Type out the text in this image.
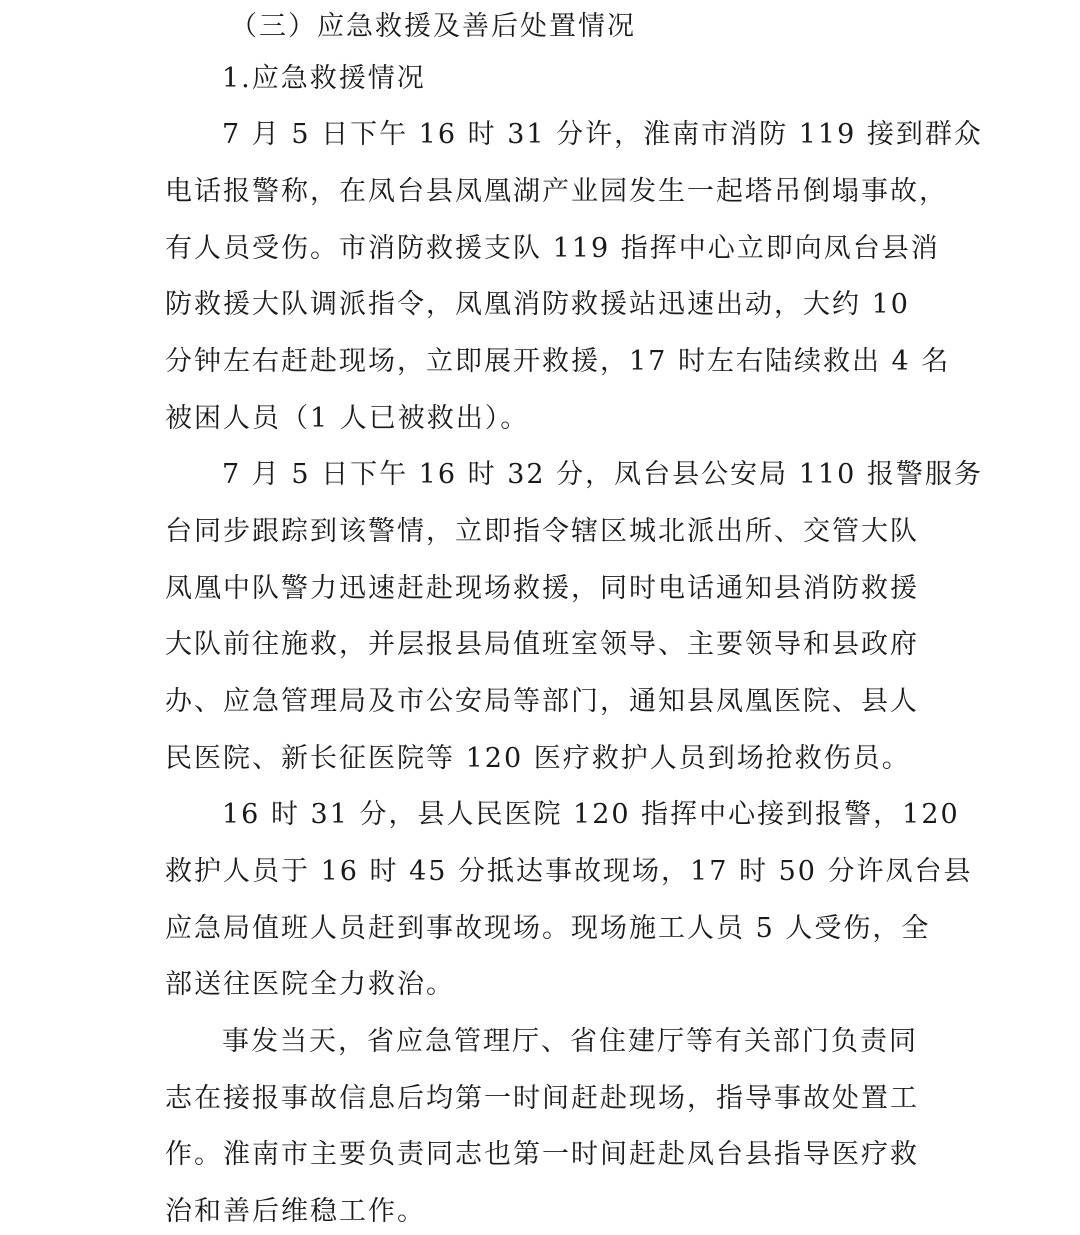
（三）应急救援及善后处置情况
1.应急救援情况
7 月 5 日下午 16 时 31 分许，淮南市消防 119 接到群众
电话报警称，在凤台县凤凰湖产业园发生一起塔吊倒塌事故，
有人员受伤。市消防救援支队 119 指挥中心立即向凤台县消
防救援大队调派指令，凤凰消防救援站迅速出动，大约 10
分钟左右赶赴现场，立即展开救援，17 时左右陆续救出 4 名
被困人员（1 人已被救出）。
7 月 5 日下午 16 时 32 分，凤台县公安局 110 报警服务
台同步跟踪到该警情，立即指令辖区城北派出所、交管大队
凤凰中队警力迅速赶赴现场救援，同时电话通知县消防救援
大队前往施救，并层报县局值班室领导、主要领导和县政府
办、应急管理局及市公安局等部门，通知县凤凰医院、县人
民医院、新长征医院等 120 医疗救护人员到场抢救伤员。
16 时 31 分，县人民医院 120 指挥中心接到报警，120
救护人员于 16 时 45 分抵达事故现场，17 时 50 分许凤台县
应急局值班人员赶到事故现场。现场施工人员 5 人受伤，全
部送往医院全力救治。
事发当天，省应急管理厅、省住建厅等有关部门负责同
志在接报事故信息后均第一时间赶赴现场，指导事故处置工
作。淮南市主要负责同志也第一时间赶赴凤台县指导医疗救
治和善后维稳工作。
